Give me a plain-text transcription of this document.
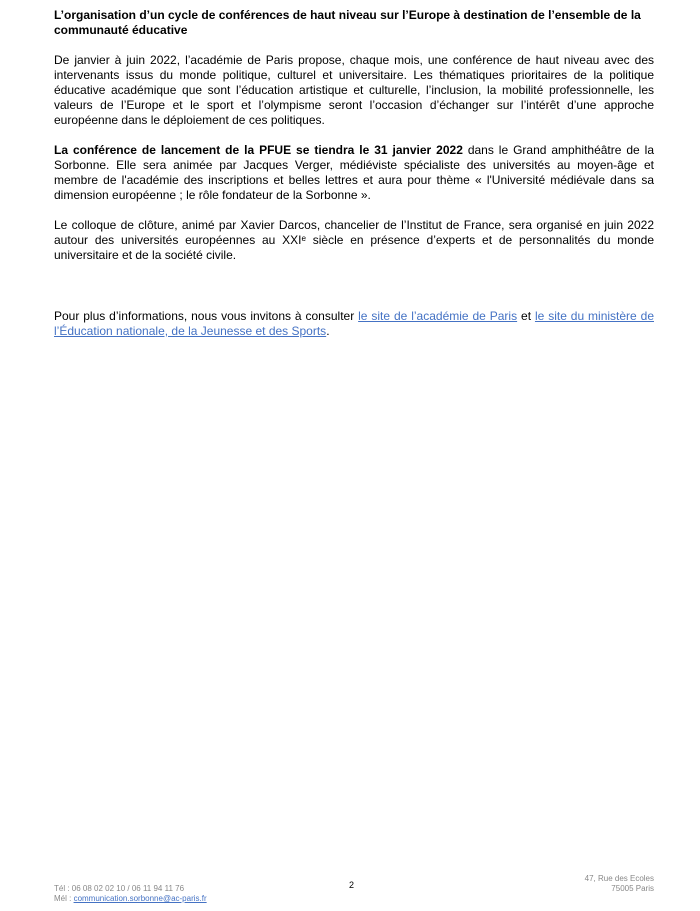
L’organisation d’un cycle de conférences de haut niveau sur l’Europe à destination de l’ensemble de la communauté éducative
De janvier à juin 2022, l’académie de Paris propose, chaque mois, une conférence de haut niveau avec des intervenants issus du monde politique, culturel et universitaire. Les thématiques prioritaires de la politique éducative académique que sont l’éducation artistique et culturelle, l’inclusion, la mobilité professionnelle, les valeurs de l’Europe et le sport et l’olympisme seront l’occasion d’échanger sur l’intérêt d’une approche européenne dans le déploiement de ces politiques.
La conférence de lancement de la PFUE se tiendra le 31 janvier 2022 dans le Grand amphithéâtre de la Sorbonne. Elle sera animée par Jacques Verger, médiéviste spécialiste des universités au moyen-âge et membre de l'académie des inscriptions et belles lettres et aura pour thème « l'Université médiévale dans sa dimension européenne ; le rôle fondateur de la Sorbonne ».
Le colloque de clôture, animé par Xavier Darcos, chancelier de l’Institut de France, sera organisé en juin 2022 autour des universités européennes au XXIᵉ siècle en présence d’experts et de personnalités du monde universitaire et de la société civile.
Pour plus d’informations, nous vous invitons à consulter le site de l’académie de Paris et le site du ministère de l’Éducation nationale, de la Jeunesse et des Sports.
Tél : 06 08 02 02 10 / 06 11 94 11 76
Mél : communication.sorbonne@ac-paris.fr
2
47, Rue des Ecoles
75005 Paris
